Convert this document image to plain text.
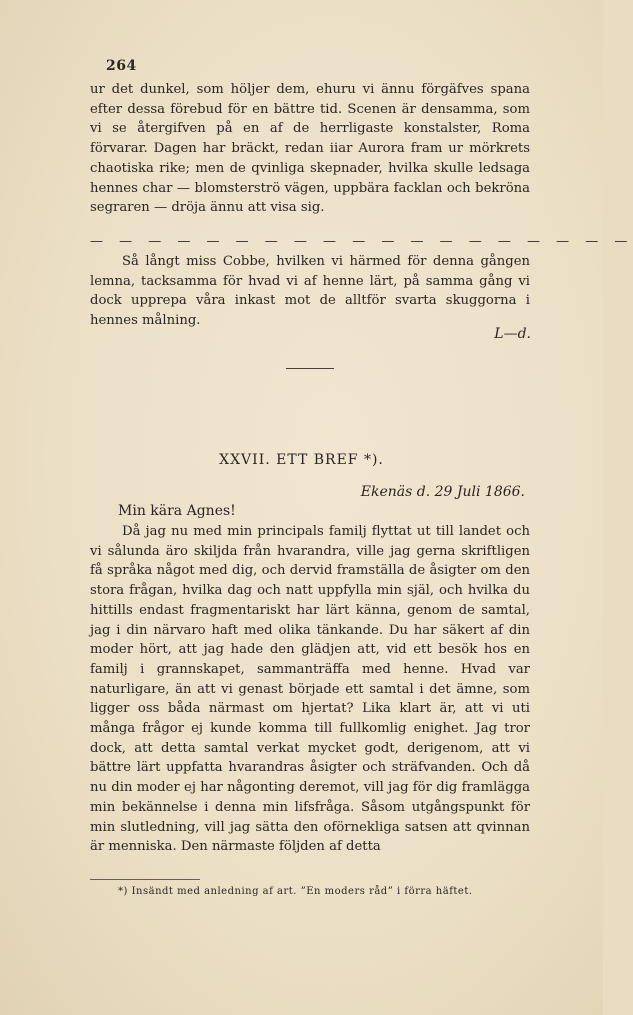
264

ur det dunkel, som höljer dem, ehuru vi ännu förgäfves spana efter dessa förebud för en bättre tid. Scenen är densamma, som vi se återgifven på en af de herrligaste konstalster, Roma förvarar. Dagen har bräckt, redan iiar Aurora fram ur mörkrets chaotiska rike; men de qvinliga skepnader, hvilka skulle ledsaga hennes char — blomsterströ vägen, uppbära facklan och bekröna segraren — dröja ännu att visa sig.

— — — — — — — — — — — — — — — — — — —

Så långt miss Cobbe, hvilken vi härmed för denna gången lemna, tacksamma för hvad vi af henne lärt, på samma gång vi dock upprepa våra inkast mot de alltför svarta skuggorna i hennes målning.

L—d.
XXVII. ETT BREF *).
Ekenäs d. 29 Juli 1866.
Min kära Agnes!

Då jag nu med min principals familj flyttat ut till landet och vi sålunda äro skiljda från hvarandra, ville jag gerna skriftligen få språka något med dig, och dervid framställa de åsigter om den stora frågan, hvilka dag och natt uppfylla min själ, och hvilka du hittills endast fragmentariskt har lärt känna, genom de samtal, jag i din närvaro haft med olika tänkande. Du har säkert af din moder hört, att jag hade den glädjen att, vid ett besök hos en familj i grannskapet, sammanträffa med henne. Hvad var naturligare, än att vi genast började ett samtal i det ämne, som ligger oss båda närmast om hjertat? Lika klart är, att vi uti många frågor ej kunde komma till fullkomlig enighet. Jag tror dock, att detta samtal verkat mycket godt, derigenom, att vi bättre lärt uppfatta hvarandras åsigter och sträfvanden. Och då nu din moder ej har någonting deremot, vill jag för dig framlägga min bekännelse i denna min lifsfråga. Såsom utgångspunkt för min slutledning, vill jag sätta den oförnekliga satsen att qvinnan är menniska. Den närmaste följden af detta

*) Insändt med anledning af art. ”En moders råd” i förra häftet.
